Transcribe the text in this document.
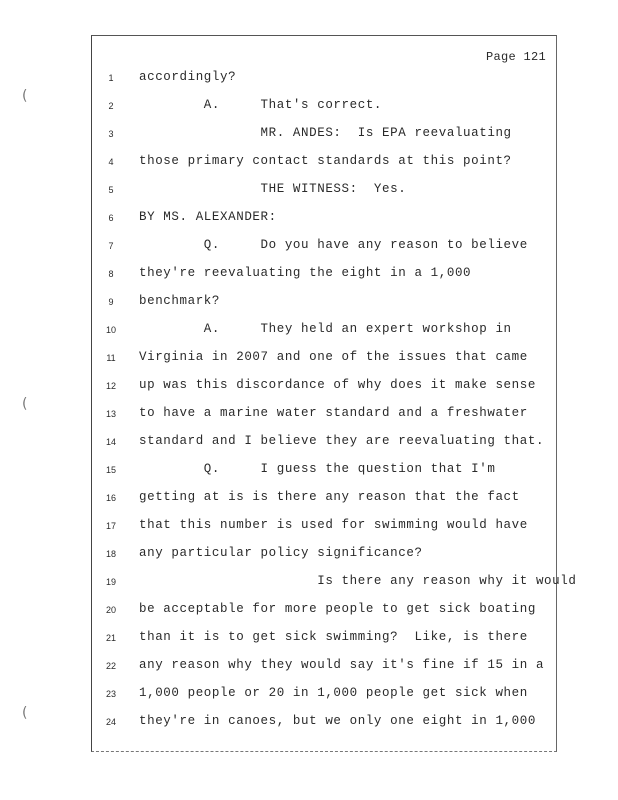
(
(
(
Page 121
1	accordingly?
2	A.     That's correct.
3	MR. ANDES:  Is EPA reevaluating
4	those primary contact standards at this point?
5	THE WITNESS:  Yes.
6	BY MS. ALEXANDER:
7	Q.     Do you have any reason to believe
8	they're reevaluating the eight in a 1,000
9	benchmark?
10 A.     They held an expert workshop in
11 Virginia in 2007 and one of the issues that came
12 up was this discordance of why does it make sense
13 to have a marine water standard and a freshwater
14 standard and I believe they are reevaluating that.
15 Q.     I guess the question that I'm
16 getting at is is there any reason that the fact
17 that this number is used for swimming would have
18 any particular policy significance?
19 Is there any reason why it would
20 be acceptable for more people to get sick boating
21 than it is to get sick swimming?  Like, is there
22 any reason why they would say it's fine if 15 in a
23 1,000 people or 20 in 1,000 people get sick when
24 they're in canoes, but we only one eight in 1,000
